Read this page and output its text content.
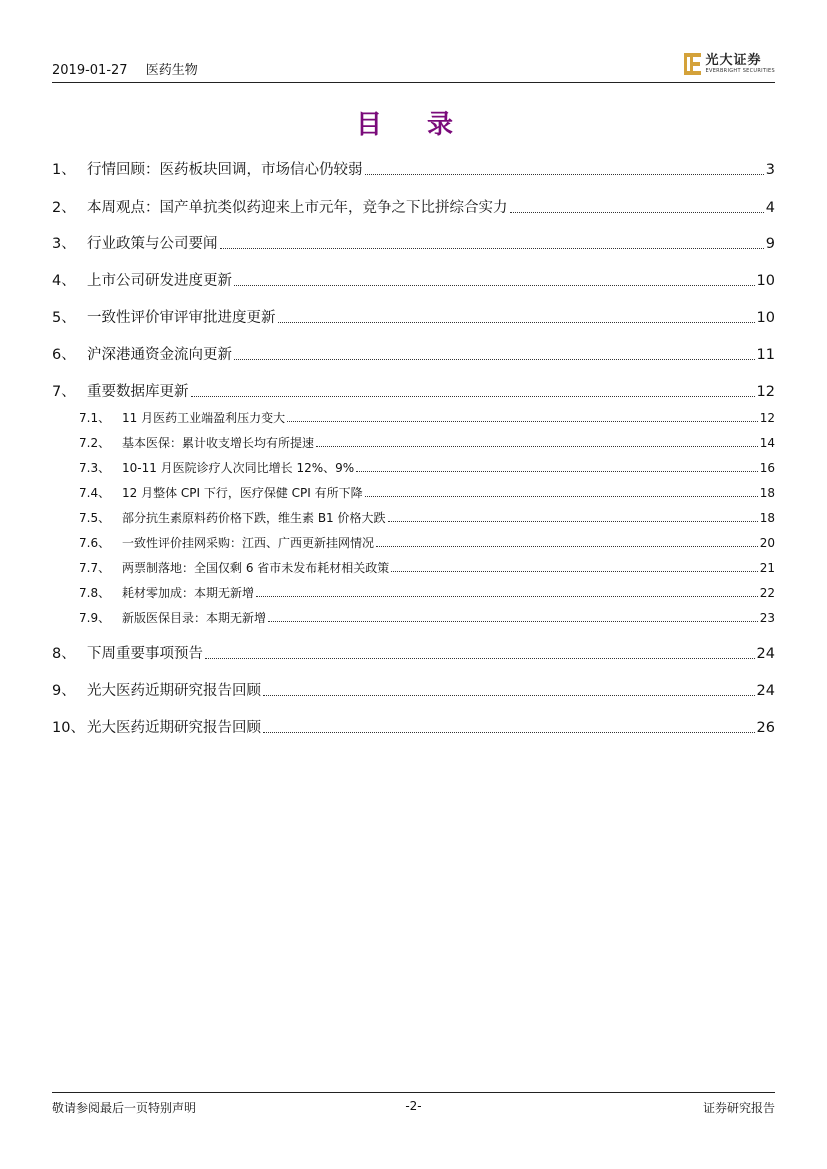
2019-01-27 医药生物
光大证券
EVERBRIGHT SECURITIES
目 录
1、 行情回顾：医药板块回调，市场信心仍较弱	3
2、 本周观点：国产单抗类似药迎来上市元年，竞争之下比拼综合实力	4
3、 行业政策与公司要闻	9
4、 上市公司研发进度更新	10
5、 一致性评价审评审批进度更新	10
6、 沪深港通资金流向更新	11
7、 重要数据库更新	12
7.1、 11 月医药工业端盈利压力变大	12
7.2、 基本医保：累计收支增长均有所提速	14
7.3、 10-11 月医院诊疗人次同比增长 12%、9%	16
7.4、 12 月整体 CPI 下行，医疗保健 CPI 有所下降	18
7.5、 部分抗生素原料药价格下跌，维生素 B1 价格大跌	18
7.6、 一致性评价挂网采购：江西、广西更新挂网情况	20
7.7、 两票制落地：全国仅剩 6 省市未发布耗材相关政策	21
7.8、 耗材零加成：本期无新增	22
7.9、 新版医保目录：本期无新增	23
8、 下周重要事项预告	24
9、 光大医药近期研究报告回顾	24
10、 光大医药近期研究报告回顾	26
敬请参阅最后一页特别声明	-2-	证券研究报告
